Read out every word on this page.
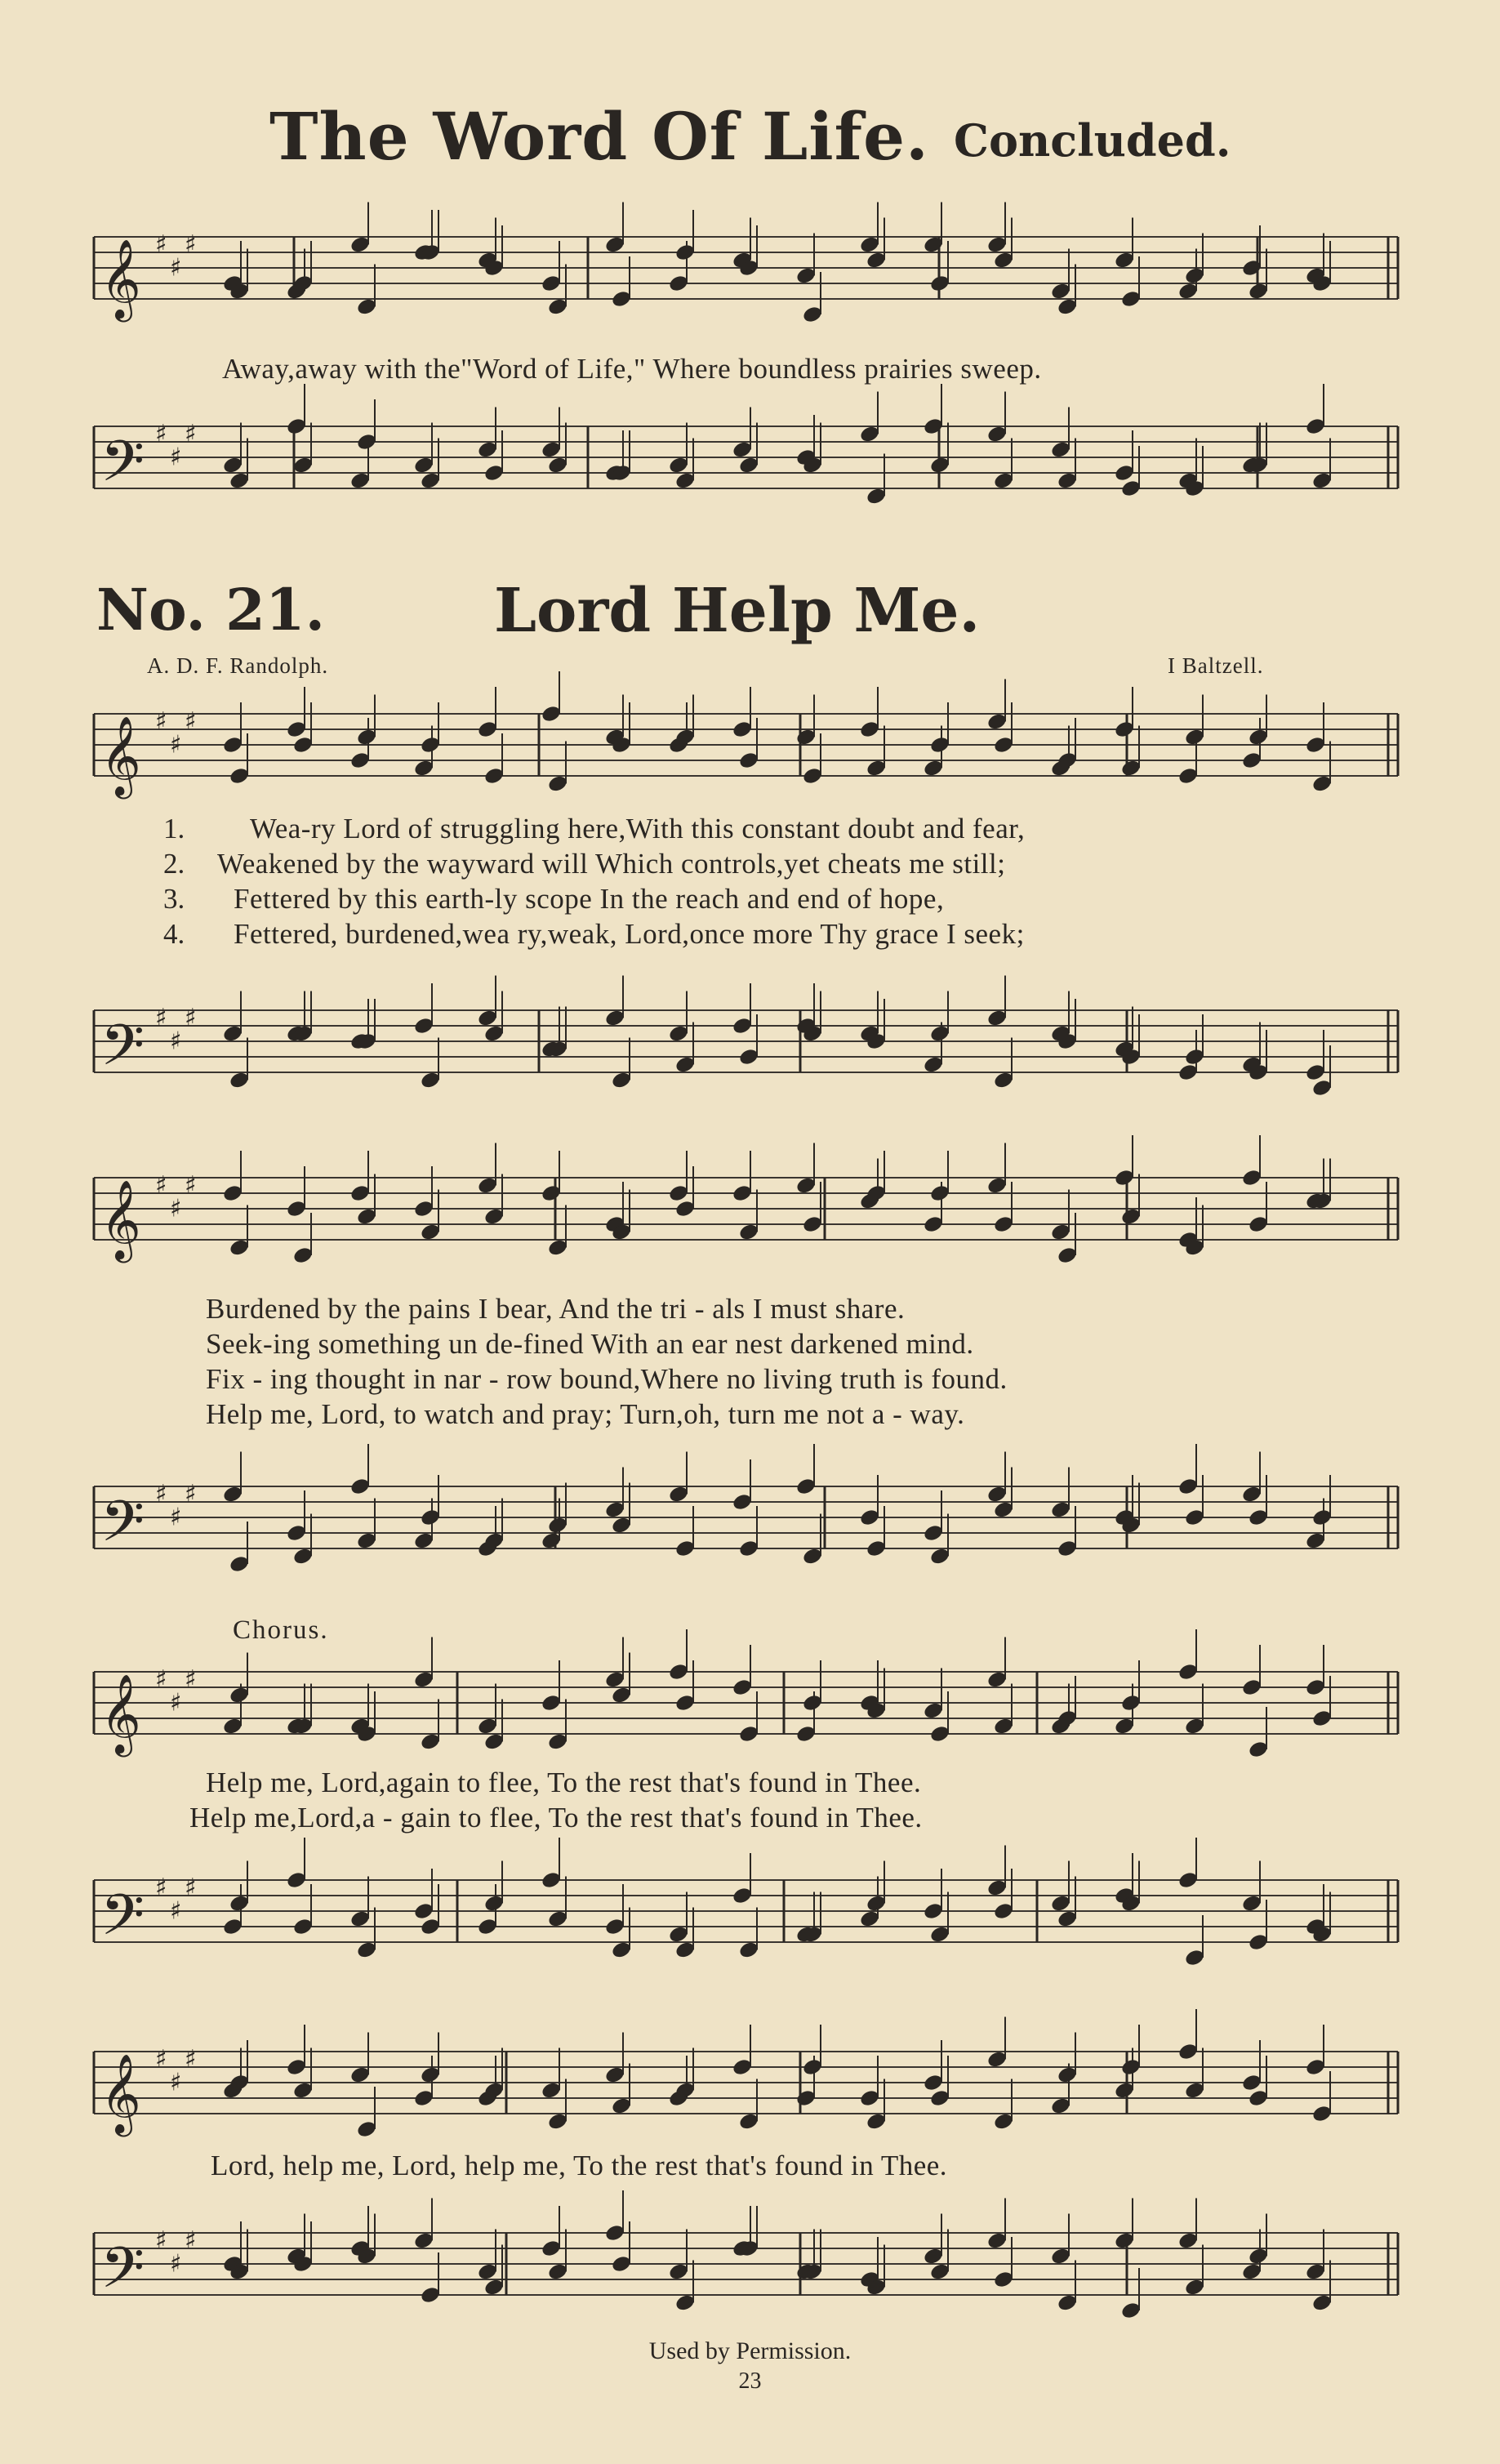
The Word Of Life. Concluded.
𝄞 ♯
♯
♯
Away,away with the"Word of Life," Where boundless prairies sweep.
𝄢 ♯
♯
♯
No. 21.	Lord Help Me.
A. D. F. Randolph.	I Baltzell.
𝄞 ♯
♯
♯
1. Wea-ry Lord of struggling here,With this constant doubt and fear,
2. Weakened by the wayward will Which controls,yet cheats me still;
3. Fettered by this earth-ly scope In the reach and end of hope,
4. Fettered, burdened,wea ry,weak, Lord,once more Thy grace I seek;
𝄢 ♯
♯
♯
𝄞 ♯
♯
♯
Burdened by the pains I bear, And the tri - als I must share.
Seek-ing something un de-fined With an ear nest darkened mind.
Fix - ing thought in nar - row bound,Where no living truth is found.
Help me, Lord, to watch and pray; Turn,oh, turn me not a - way.
𝄢 ♯
♯
♯
Chorus.
𝄞 ♯
♯
♯
Help me, Lord,again to flee, To the rest that's found in Thee.
Help me,Lord,a - gain to flee, To the rest that's found in Thee.
𝄢 ♯
♯
♯
𝄞 ♯
♯
♯
Lord, help me, Lord, help me, To the rest that's found in Thee.
𝄢 ♯
♯
♯
Used by Permission.
23
